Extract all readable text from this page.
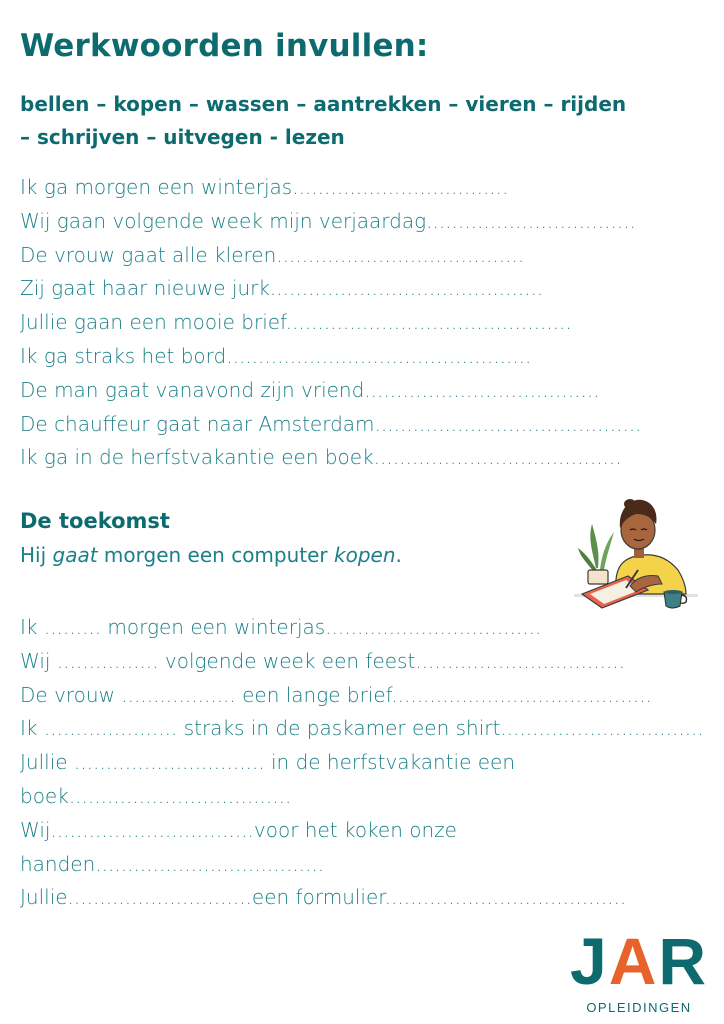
Werkwoorden invullen:
bellen – kopen – wassen – aantrekken – vieren – rijden
– schrijven – uitvegen - lezen
Ik ga morgen een winterjas..................................
Wij gaan volgende week mijn verjaardag.................................
De vrouw gaat alle kleren.......................................
Zij gaat haar nieuwe jurk...........................................
Jullie gaan een mooie brief.............................................
Ik ga straks het bord................................................
De man gaat vanavond zijn vriend.....................................
De chauffeur gaat naar Amsterdam..........................................
Ik ga in de herfstvakantie een boek.......................................
De toekomst
Hij gaat morgen een computer kopen.
Ik ......... morgen een winterjas..................................
Wij ................ volgende week een feest.................................
De vrouw .................. een lange brief.........................................
Ik ..................... straks in de paskamer een shirt................................
Jullie .............................. in de herfstvakantie een
boek...................................
Wij................................voor het koken onze
handen....................................
Jullie.............................een formulier......................................
JAR
OPLEIDINGEN
